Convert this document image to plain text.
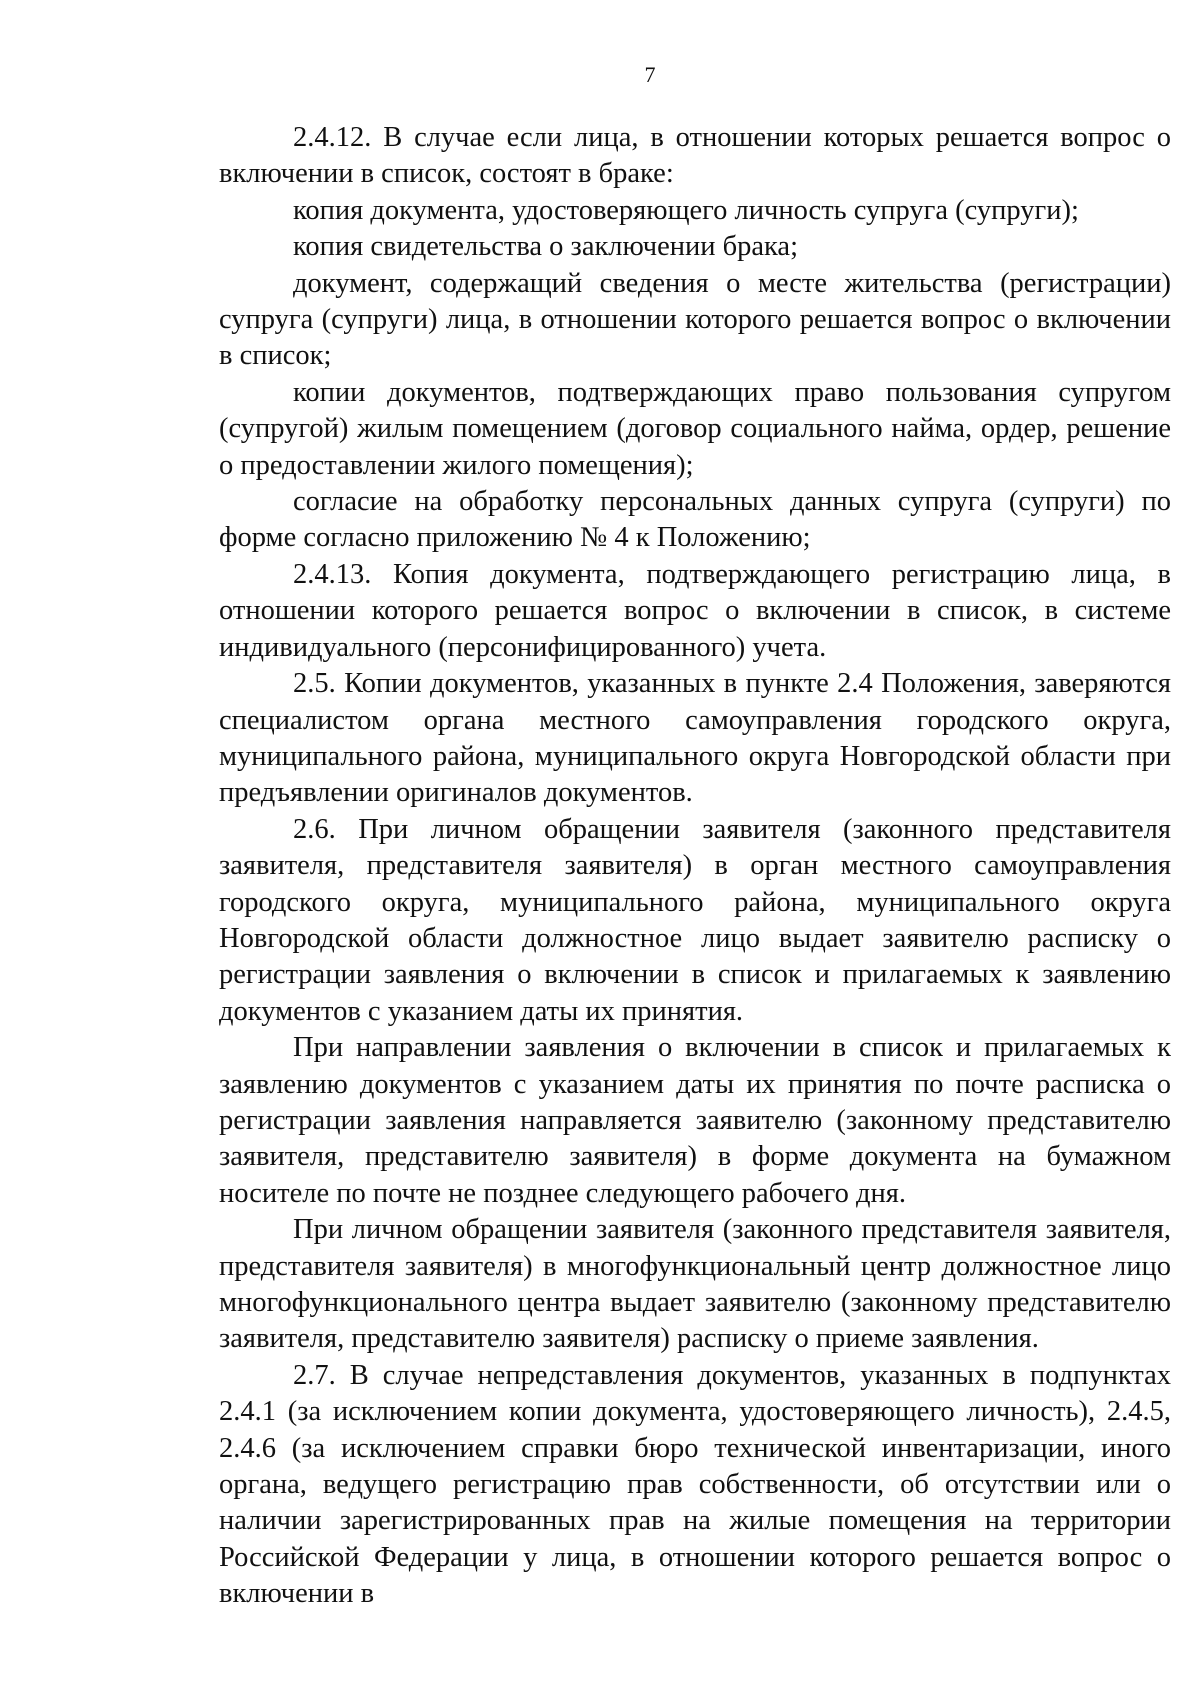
7

2.4.12. В случае если лица, в отношении которых решается вопрос о включении в список, состоят в браке:

копия документа, удостоверяющего личность супруга (супруги);

копия свидетельства о заключении брака;

документ, содержащий сведения о месте жительства (регистрации) супруга (супруги) лица, в отношении которого решается вопрос о включении в список;

копии документов, подтверждающих право пользования супругом (супругой) жилым помещением (договор социального найма, ордер, решение о предоставлении жилого помещения);

согласие на обработку персональных данных супруга (супруги) по форме согласно приложению № 4 к Положению;

2.4.13. Копия документа, подтверждающего регистрацию лица, в отношении которого решается вопрос о включении в список, в системе индивидуального (персонифицированного) учета.

2.5. Копии документов, указанных в пункте 2.4 Положения, заверяются специалистом органа местного самоуправления городского округа, муниципального района, муниципального округа Новгородской области при предъявлении оригиналов документов.

2.6. При личном обращении заявителя (законного представителя заявителя, представителя заявителя) в орган местного самоуправления городского округа, муниципального района, муниципального округа Новгородской области должностное лицо выдает заявителю расписку о регистрации заявления о включении в список и прилагаемых к заявлению документов с указанием даты их принятия.

При направлении заявления о включении в список и прилагаемых к заявлению документов с указанием даты их принятия по почте расписка о регистрации заявления направляется заявителю (законному представителю заявителя, представителю заявителя) в форме документа на бумажном носителе по почте не позднее следующего рабочего дня.

При личном обращении заявителя (законного представителя заявителя, представителя заявителя) в многофункциональный центр должностное лицо многофункционального центра выдает заявителю (законному представителю заявителя, представителю заявителя) расписку о приеме заявления.

2.7. В случае непредставления документов, указанных в подпунктах 2.4.1 (за исключением копии документа, удостоверяющего личность), 2.4.5, 2.4.6 (за исключением справки бюро технической инвентаризации, иного органа, ведущего регистрацию прав собственности, об отсутствии или о наличии зарегистрированных прав на жилые помещения на территории Российской Федерации у лица, в отношении которого решается вопрос о включении в
